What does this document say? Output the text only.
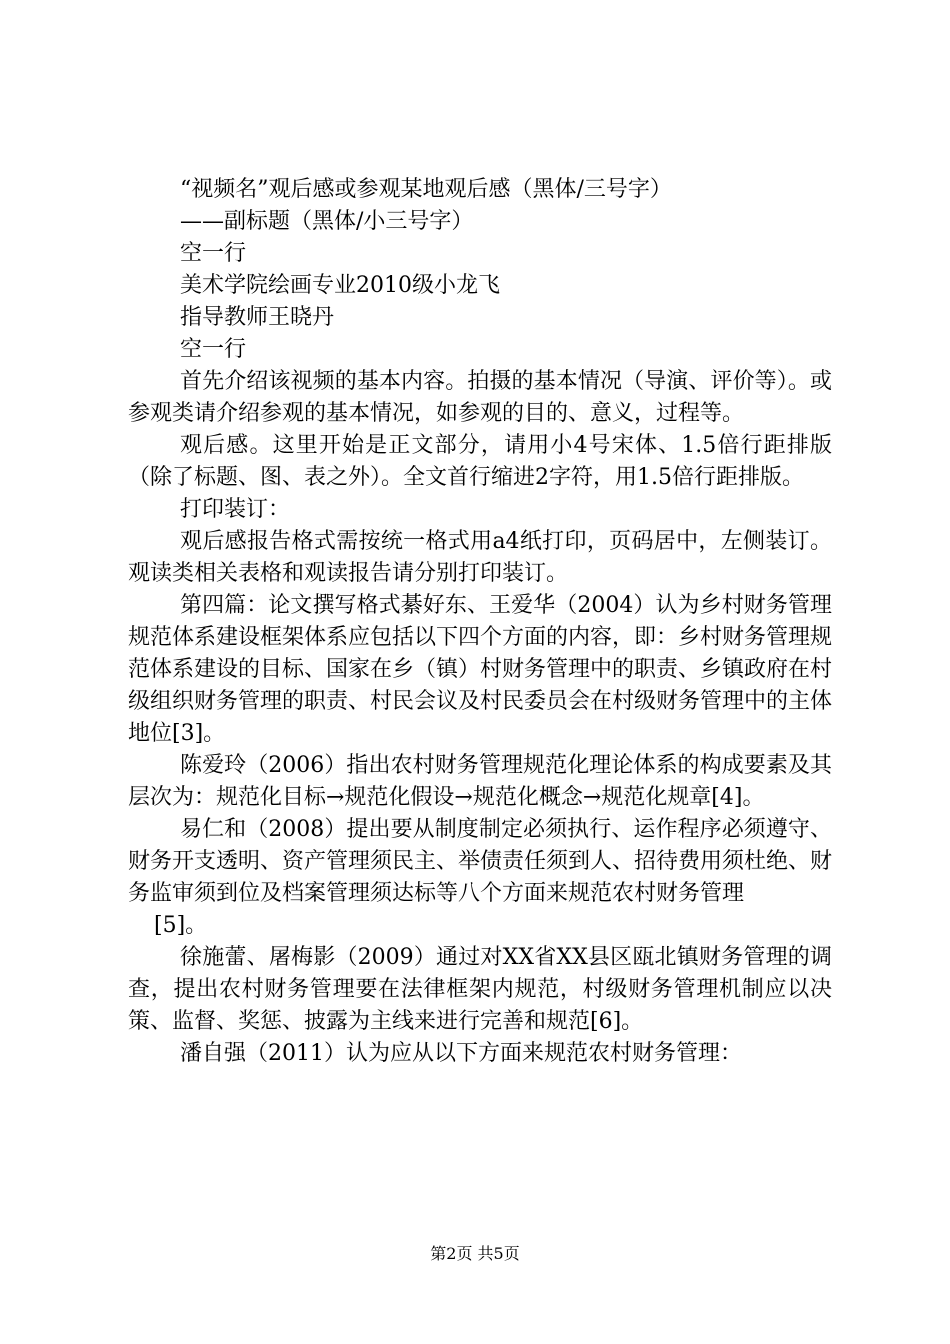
“视频名”观后感或参观某地观后感（黑体/三号字）

——副标题（黑体/小三号字）

空一行

美术学院绘画专业2010级小龙飞

指导教师王晓丹

空一行

首先介绍该视频的基本内容。拍摄的基本情况（导演、评价等）。或参观类请介绍参观的基本情况，如参观的目的、意义，过程等。

观后感。这里开始是正文部分，请用小4号宋体、1.5倍行距排版（除了标题、图、表之外）。全文首行缩进2字符，用1.5倍行距排版。

打印装订：

观后感报告格式需按统一格式用a4纸打印，页码居中，左侧装订。观读类相关表格和观读报告请分别打印装订。

第四篇：论文撰写格式綦好东、王爱华（2004）认为乡村财务管理规范体系建设框架体系应包括以下四个方面的内容，即：乡村财务管理规范体系建设的目标、国家在乡（镇）村财务管理中的职责、乡镇政府在村级组织财务管理的职责、村民会议及村民委员会在村级财务管理中的主体地位[3]。

陈爱玲（2006）指出农村财务管理规范化理论体系的构成要素及其层次为：规范化目标→规范化假设→规范化概念→规范化规章[4]。

易仁和（2008）提出要从制度制定必须执行、运作程序必须遵守、财务开支透明、资产管理须民主、举债责任须到人、招待费用须杜绝、财务监审须到位及档案管理须达标等八个方面来规范农村财务管理

[5]。

徐施蕾、屠梅影（2009）通过对XX省XX县区瓯北镇财务管理的调查，提出农村财务管理要在法律框架内规范，村级财务管理机制应以决策、监督、奖惩、披露为主线来进行完善和规范[6]。

潘自强（2011）认为应从以下方面来规范农村财务管理：

第2页 共5页
